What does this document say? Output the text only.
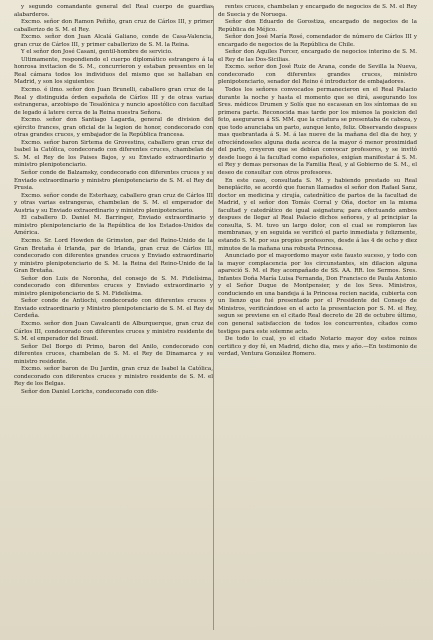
y segundo comandante general del Real cuerpo de guardias alabarderos.

Excmo. señor don Ramon Peñiño, gran cruz de Cárlos III, y primer caballerizo de S. M. el Rey.

Excmo. señor don Juan Alcalá Galiano, conde de Casa-Valencia, gran cruz de Cárlos III, y primer caballerizo de S. M. la Reina.

Y el señor don José Casani, gentil-hombre de servicio.

Ultimamente, respondiendo el cuerpo diplomático estrangero á la honrosa invitacion de S. M., concurrieron y estaban presentes en le Real cámara todos los individuos del mismo que se hallaban en Madrid, y son los siguientes:

Excmo. é ilmo. señor don Juan Brunelli, caballero gran cruz de la Real y distinguida órden española de Cárlos III y de otras varias estrangeras, arzobispo de Tesalónica y nuncio apostólico con facultad de legado á latere cerca de la Reina nuestra Señora.

Excmo. señor don Santiago Lagarda, general de division del ejército frances, gran oficial de la legion de honor, condecorado con otras grandes cruces, y embajador de la República francesa.

Excmo. señor baron Sirtema de Grovestins, caballero gran cruz de Isabel la Católica, condecorado con diferentes cruces, chambelan de S. M. el Rey de los Paises Bajos, y su Enviado extraordinario y ministro plenipotenciario.

Señor conde de Balzamsky, condecorado con diferentes cruces y su Enviado extraordinario y ministro plenipotenciario de S. M. el Rey de Prusia.

Excmo. señor conde de Esterhazy, caballero gran cruz de Cárlos III y otras varias estrangeras, chambelan de S. M. el emperador de Austria y su Enviado extraordinario y ministro plenipotenciario.

El caballero D. Daniel M. Barringer, Enviado extraordinario y ministro plenipotenciario de la República de los Estados-Unidos de América.

Excmo. Sr. Lord Howden de Grimston, par del Reino-Unido de la Gran Bretaña é Irlanda, par de Irlanda, gran cruz de Cárlos III, condecorado con diferentes grandes cruces y Enviado extraordinario y ministro plenipotenciario de S. M. la Reina del Reino-Unido de la Gran Bretaña.

Señor don Luis de Noronha, del consejo de S. M. Fidelísima, condecorado con diferentes cruces y Enviado extraordinario y ministro plenipotenciario de S. M. Fidelísima.

Señor conde de Antiochi, condecorado con diferentes cruces y Enviado extraordinario y Ministro plenipotenciario de S. M. el Rey de Cerdeña.

Excmo. señor don Juan Cavalcanti de Alburquerque, gran cruz de Cárlos III, condecorado con diferentes cruces y ministro residente de S. M. el emperador del Brasil.

Señor Del Borgo di Primo, baron del Anilo, condecorado con diferentes cruces, chambelan de S. M. el Rey de Dinamarca y su ministro residente.

Excmo. señor baron de Du Jardin, gran cruz de Isabel la Católica, condecorado con diferentes cruces y ministro residente de S. M. el Rey de los Belgas.

Señor don Daniel Lorichs, condecorado con dife-

rentes cruces, chambelan y encargado de negocios de S. M. el Rey de Suecia y de Noruega.

Señor don Eduardo de Gorostiza, encargado de negocios de la República de Méjico.

Señor don José María Rosé, comendador de número de Cárlos III y encargado de negocios de la República de Chile.

Señor don Aquiles Forcer, encargado de negocios interino de S. M. el Rey de las Dos-Sicilias.

Excmo. señor don José Ruiz de Arana, conde de Sevilla la Nueva, condecorado con diferentes grandes cruces, ministro plenipotenciario, senador del Reino é introductor de embajadores.

Todos los señores convocados permanecieron en el Real Palacio durante la noche y hasta el momento que se dirá, asegurando los Sres. médicos Drumen y Solís que no escasean en los síntomas de su primera parte. Reconocida mas tarde por los mismos la posicion del feto, aseguraron á SS. MM. que la criatura se presentaba de cabeza, y que todo anunciaba un parto, aunque lento, feliz. Observando despues mas quebrantada á S. M. á las nueve de la mañana del dia de hoy, y ofreciéndoseles alguna duda acerca de la mayor ó menor proximidad del parto, creyeron que se debían convocar profesores, y se invitó desde luego á la facultad como españoles, exigían manifestar á S. M. el Rey y demas personas de la Familia Real, y al Gobierno de S. M., el deseo de consultar con otros profesores.

En este caso, consultada S. M. y habiendo prestado su Real beneplácito, se acordó que fueran llamados el señor don Rafael Sanz, doctor en medicina y cirujía, catedrático de partos de la facultad de Madrid, y el señor don Tomás Corral y Oña, doctor en la misma facultad y catedrático de igual asignatura; para efectuando ambos despues de llegar al Real Palacio dichos señores, y al principiar la consulta, S. M. tuvo un largo dolor, con el cual se rompieron las membranas, y en seguida se verificó el parto inmediata y felizmente, estando S. M. por sus propios profesores, desde á las 4 de ocho y diez minutos de la mañana una robusta Princesa.

Anunciado por el mayordomo mayor este fausto suceso, y todo con la mayor complacencia por los circunstantes, sin dilacion alguna apareció S. M. el Rey acompañado de SS. AA. RR. los Sermos. Sres. Infantes Doña María Luisa Fernanda, Don Francisco de Paula Antonio y el Señor Duque de Montpensier, y de los Sres. Ministros, conduciendo en una bandeja á la Princesa recien nacida, cubierta con un lienzo que fué presentado por el Presidente del Consejo de Ministros, verificándose en el acto la presentacion por S. M. el Rey, segun se previene en el citado Real decreto de 28 de octubre último, con general satisfaccion de todos los concurrentes, cítados como testigos para este solemne acto.

De todo lo cual, yo el citado Notario mayor doy estos reinos certifico y doy fé, en Madrid, dicho dia, mes y año.—En testimonio de verdad, Ventura González Romero.
